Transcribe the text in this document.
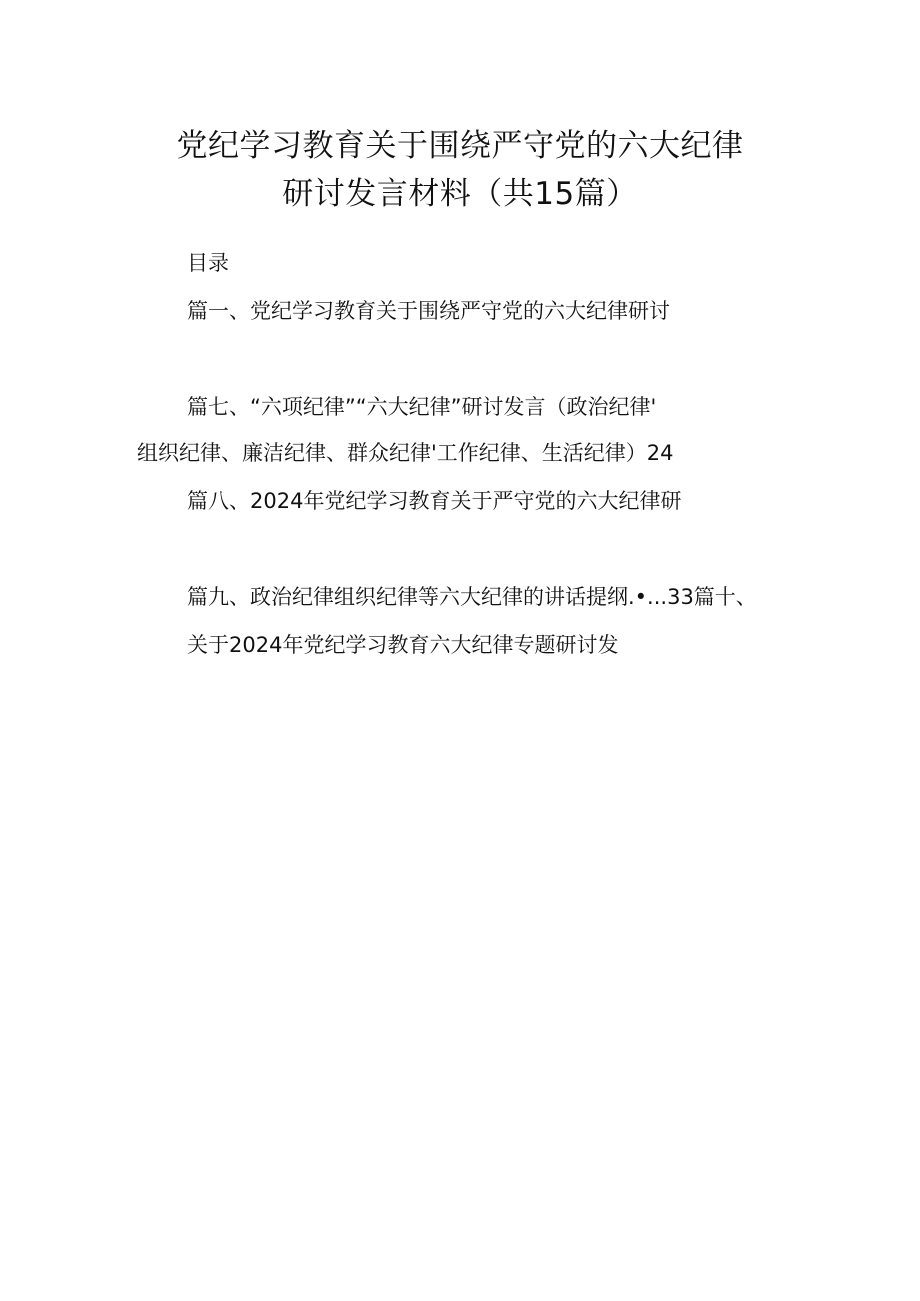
党纪学习教育关于围绕严守党的六大纪律
研讨发言材料（共15篇）
目录
篇一、党纪学习教育关于围绕严守党的六大纪律研讨
篇七、“六项纪律”“六大纪律”研讨发言（政治纪律'
组织纪律、廉洁纪律、群众纪律'工作纪律、生活纪律）24
篇八、2024年党纪学习教育关于严守党的六大纪律研
篇九、政治纪律组织纪律等六大纪律的讲话提纲.•...33篇十、
关于2024年党纪学习教育六大纪律专题研讨发
